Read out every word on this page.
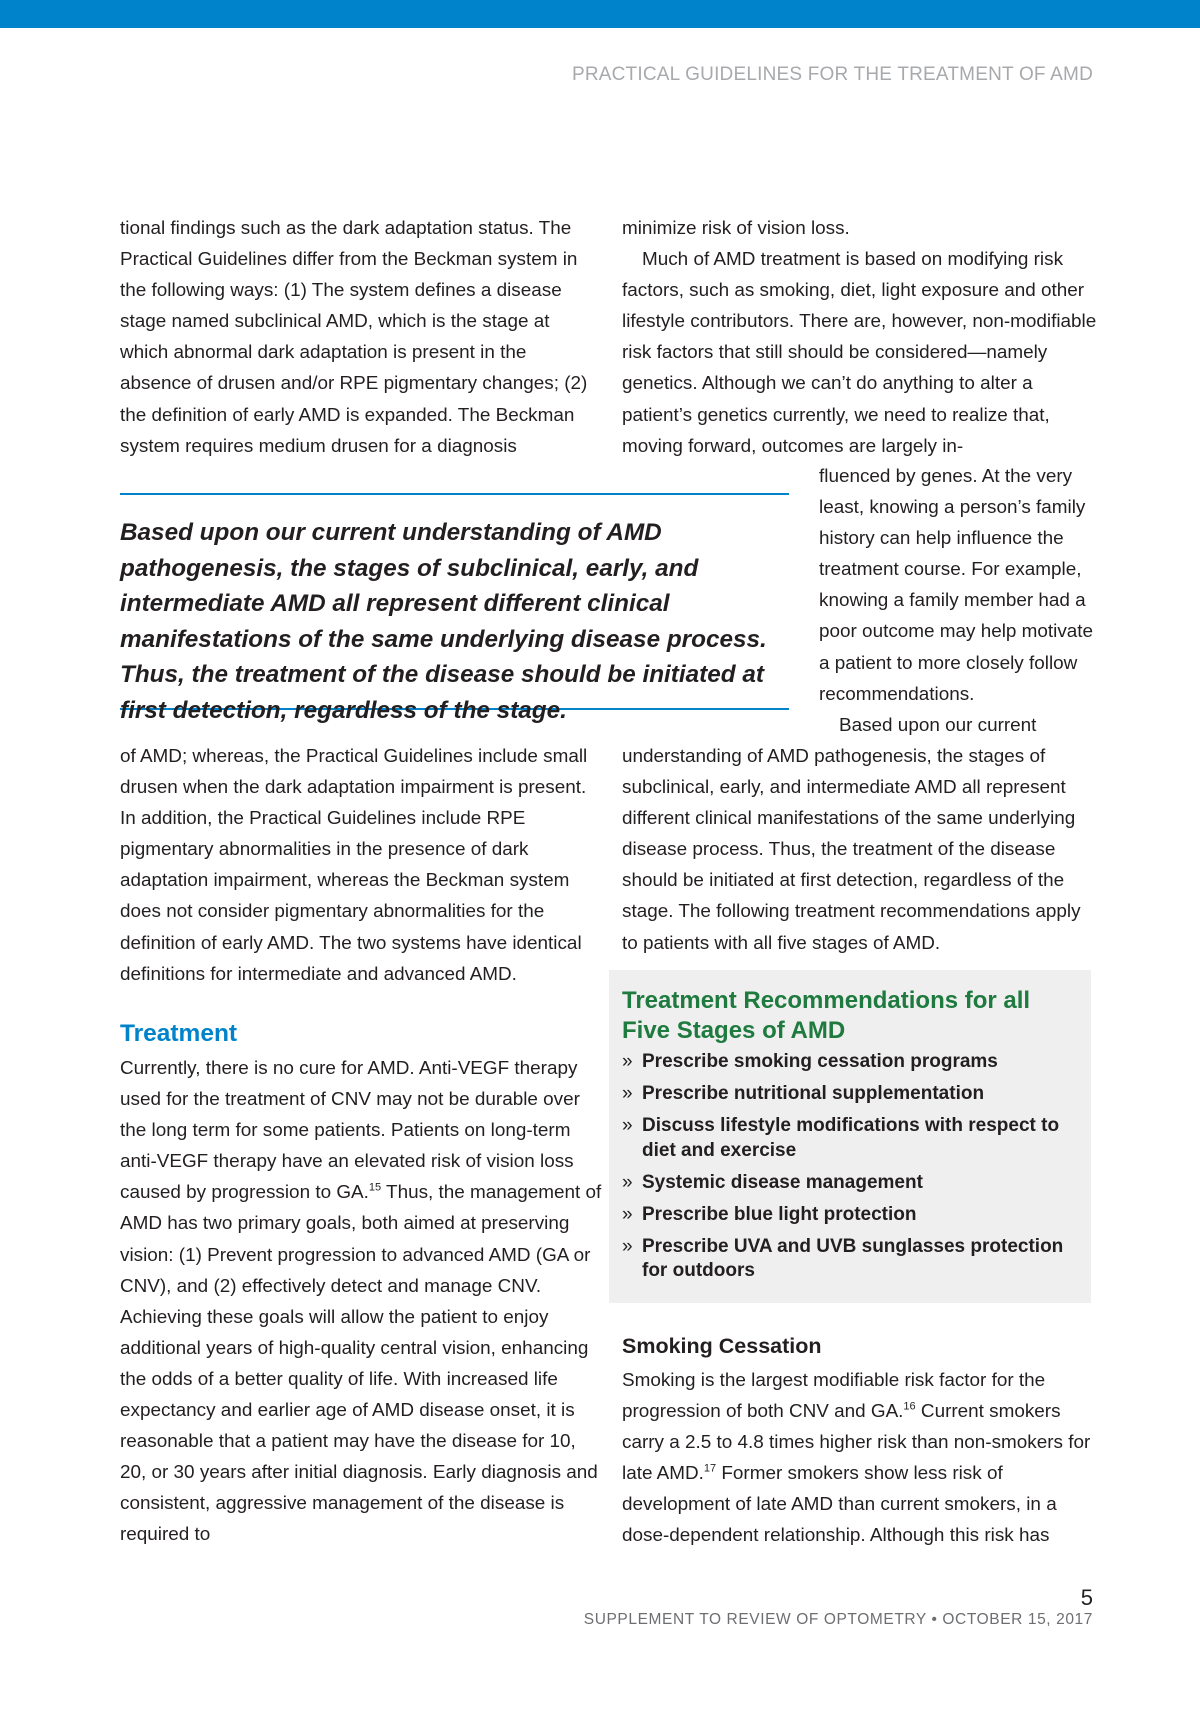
PRACTICAL GUIDELINES FOR THE TREATMENT OF AMD

tional findings such as the dark adaptation status. The Practical Guidelines differ from the Beckman system in the following ways: (1) The system defines a disease stage named subclinical AMD, which is the stage at which abnormal dark adaptation is present in the absence of drusen and/or RPE pigmentary changes; (2) the definition of early AMD is expanded. The Beckman system requires medium drusen for a diagnosis

minimize risk of vision loss.

Much of AMD treatment is based on modifying risk factors, such as smoking, diet, light exposure and other lifestyle contributors. There are, however, non-modifiable risk factors that still should be considered—namely genetics. Although we can’t do anything to alter a patient’s genetics currently, we need to realize that, moving forward, outcomes are largely in-

fluenced by genes. At the very least, knowing a person’s family history can help influence the treatment course. For example, knowing a family member had a poor outcome may help motivate a patient to more closely follow recommendations.

Based upon our current

Based upon our current understanding of AMD pathogenesis, the stages of subclinical, early, and intermediate AMD all represent different clinical manifestations of the same underlying disease process. Thus, the treatment of the disease should be initiated at first detection, regardless of the stage.

of AMD; whereas, the Practical Guidelines include small drusen when the dark adaptation impairment is present. In addition, the Practical Guidelines include RPE pigmentary abnormalities in the presence of dark adaptation impairment, whereas the Beckman system does not consider pigmentary abnormalities for the definition of early AMD. The two systems have identical definitions for intermediate and advanced AMD.

understanding of AMD pathogenesis, the stages of subclinical, early, and intermediate AMD all represent different clinical manifestations of the same underlying disease process. Thus, the treatment of the disease should be initiated at first detection, regardless of the stage. The following treatment recommendations apply to patients with all five stages of AMD.

Treatment

Currently, there is no cure for AMD. Anti-VEGF therapy used for the treatment of CNV may not be durable over the long term for some patients. Patients on long-term anti-VEGF therapy have an elevated risk of vision loss caused by progression to GA.$^{15}$ Thus, the management of AMD has two primary goals, both aimed at preserving vision: (1) Prevent progression to advanced AMD (GA or CNV), and (2) effectively detect and manage CNV. Achieving these goals will allow the patient to enjoy additional years of high-quality central vision, enhancing the odds of a better quality of life. With increased life expectancy and earlier age of AMD disease onset, it is reasonable that a patient may have the disease for 10, 20, or 30 years after initial diagnosis. Early diagnosis and consistent, aggressive management of the disease is required to

Treatment Recommendations for all Five Stages of AMD
» Prescribe smoking cessation programs
» Prescribe nutritional supplementation
» Discuss lifestyle modifications with respect to diet and exercise
» Systemic disease management
» Prescribe blue light protection
» Prescribe UVA and UVB sunglasses protection for outdoors
Smoking Cessation

Smoking is the largest modifiable risk factor for the progression of both CNV and GA.$^{16}$ Current smokers carry a 2.5 to 4.8 times higher risk than non-smokers for late AMD.$^{17}$ Former smokers show less risk of development of late AMD than current smokers, in a dose-dependent relationship. Although this risk has

5
SUPPLEMENT TO REVIEW OF OPTOMETRY • OCTOBER 15, 2017
